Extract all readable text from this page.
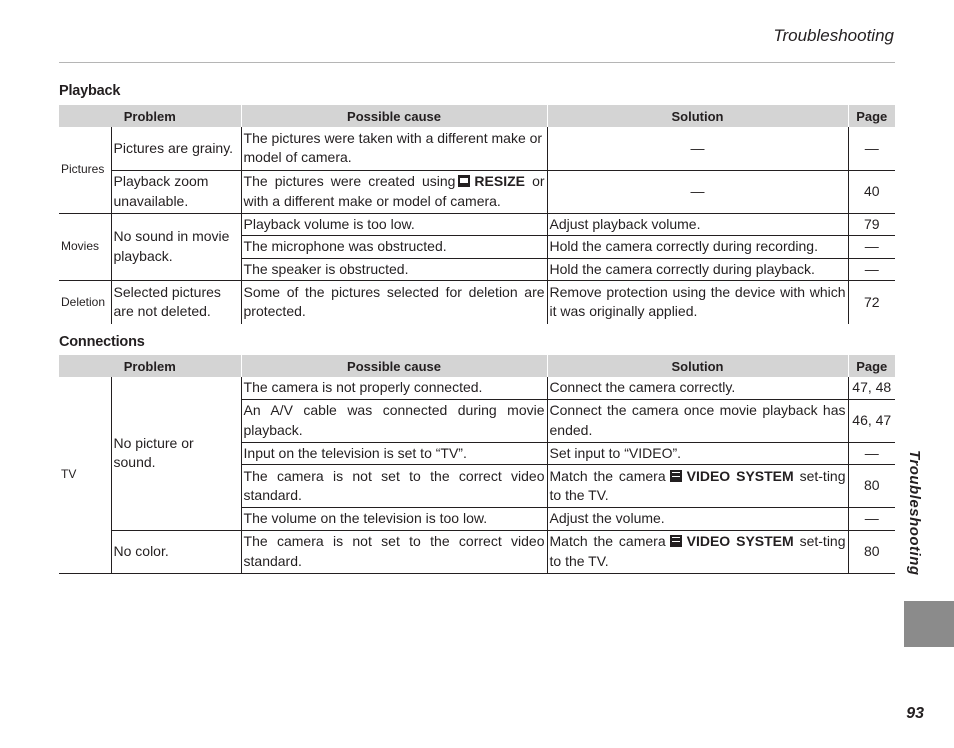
Troubleshooting
Playback
Problem		Possible cause	Solution	Page
Pictures	Pictures are grainy.	The pictures were taken with a different make or model of camera.	—	—
	Playback zoom unavailable.	The pictures were created using RESIZE or with a different make or model of camera.	—	40
Movies	No sound in movie playback.	Playback volume is too low.	Adjust playback volume.	79
		The microphone was obstructed.	Hold the camera correctly during recording.	—
		The speaker is obstructed.	Hold the camera correctly during playback.	—
Deletion	Selected pictures are not deleted.	Some of the pictures selected for deletion are protected.	Remove protection using the device with which it was originally applied.	72
Connections
Problem		Possible cause	Solution	Page
TV	No picture or sound.	The camera is not properly connected.	Connect the camera correctly.	47, 48
		An A/V cable was connected during movie playback.	Connect the camera once movie playback has ended.	46, 47
		Input on the television is set to “TV”.	Set input to “VIDEO”.	—
		The camera is not set to the correct video standard.	Match the camera VIDEO SYSTEM set-ting to the TV.	80
		The volume on the television is too low.	Adjust the volume.	—
	No color.	The camera is not set to the correct video standard.	Match the camera VIDEO SYSTEM set-ting to the TV.	80 Troubleshooting
93
